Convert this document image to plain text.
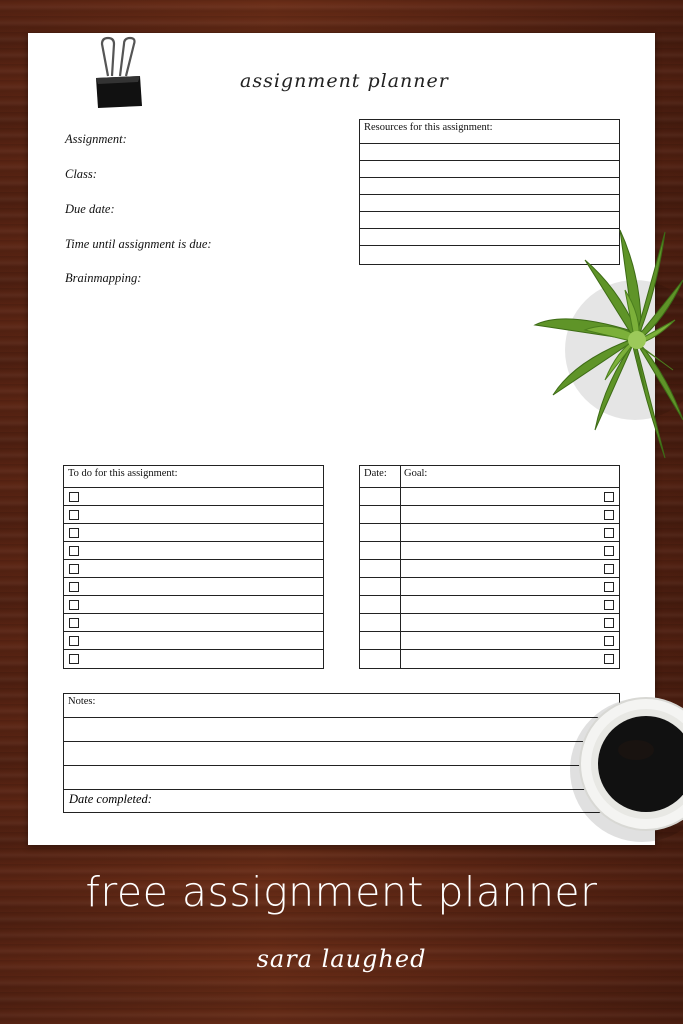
assignment planner
Assignment:
Class:
Due date:
Time until assignment is due:
Brainmapping:
Resources for this assignment:
To do for this assignment:	Date: Goal:
Notes:
Date completed:
free assignment planner
sara laughed
